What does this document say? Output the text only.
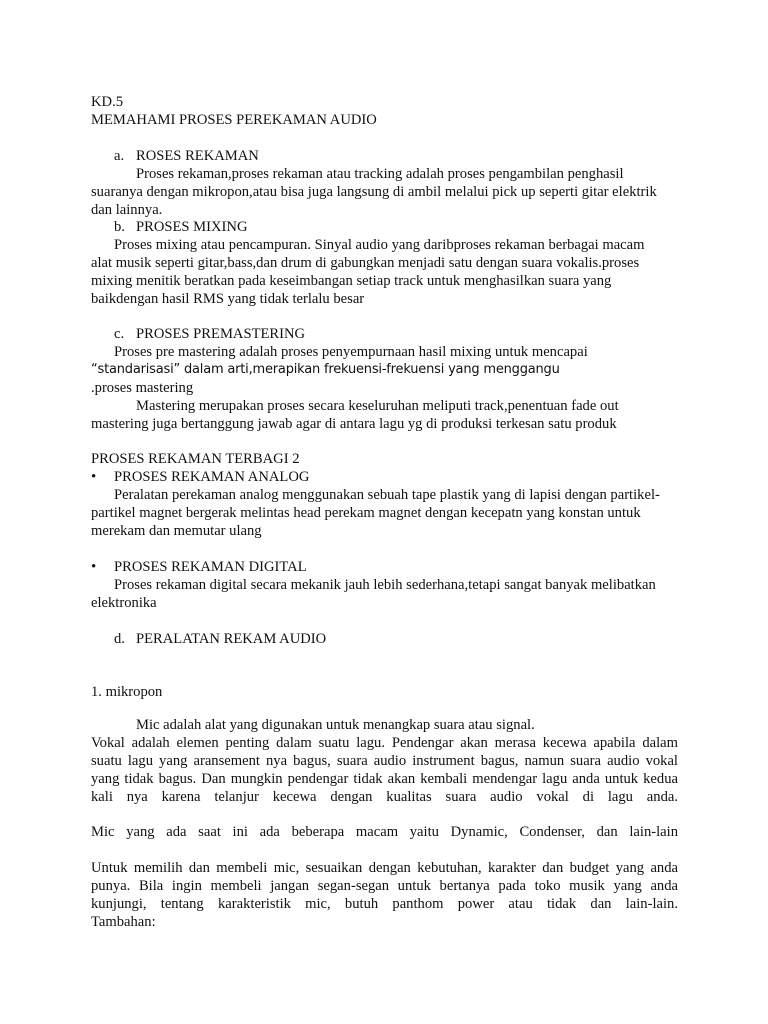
KD.5
MEMAHAMI PROSES PEREKAMAN AUDIO
a. ROSES REKAMAN
Proses rekaman,proses rekaman atau tracking adalah proses pengambilan penghasil
suaranya dengan mikropon,atau bisa juga langsung di ambil melalui pick up seperti gitar elektrik
dan lainnya.
b. PROSES MIXING
Proses mixing atau pencampuran. Sinyal audio yang daribproses rekaman berbagai macam
alat musik seperti gitar,bass,dan drum di gabungkan menjadi satu dengan suara vokalis.proses
mixing menitik beratkan pada keseimbangan setiap track untuk menghasilkan suara yang
baikdengan hasil RMS yang tidak terlalu besar
c. PROSES PREMASTERING
Proses pre mastering adalah proses penyempurnaan hasil mixing untuk mencapai
“standarisasi” dalam arti,merapikan frekuensi-frekuensi yang menggangu
.proses mastering
Mastering merupakan proses secara keseluruhan meliputi track,penentuan fade out
mastering juga bertanggung jawab agar di antara lagu yg di produksi terkesan satu produk
PROSES REKAMAN TERBAGI 2
• PROSES REKAMAN ANALOG
Peralatan perekaman analog menggunakan sebuah tape plastik yang di lapisi dengan partikel-
partikel magnet bergerak melintas head perekam magnet dengan kecepatn yang konstan untuk
merekam dan memutar ulang
• PROSES REKAMAN DIGITAL
Proses rekaman digital secara mekanik jauh lebih sederhana,tetapi sangat banyak melibatkan
elektronika
d. PERALATAN REKAM AUDIO
1. mikropon
Mic adalah alat yang digunakan untuk menangkap suara atau signal.
Vokal adalah elemen penting dalam suatu lagu. Pendengar akan merasa kecewa apabila dalam
suatu lagu yang aransement nya bagus, suara audio instrument bagus, namun suara audio vokal
yang tidak bagus. Dan mungkin pendengar tidak akan kembali mendengar lagu anda untuk kedua
kali nya karena telanjur kecewa dengan kualitas suara audio vokal di lagu anda.
Mic yang ada saat ini ada beberapa macam yaitu Dynamic, Condenser, dan lain-lain
Untuk memilih dan membeli mic, sesuaikan dengan kebutuhan, karakter dan budget yang anda
punya. Bila ingin membeli jangan segan-segan untuk bertanya pada toko musik yang anda
kunjungi, tentang karakteristik mic, butuh panthom power atau tidak dan lain-lain.
Tambahan:
